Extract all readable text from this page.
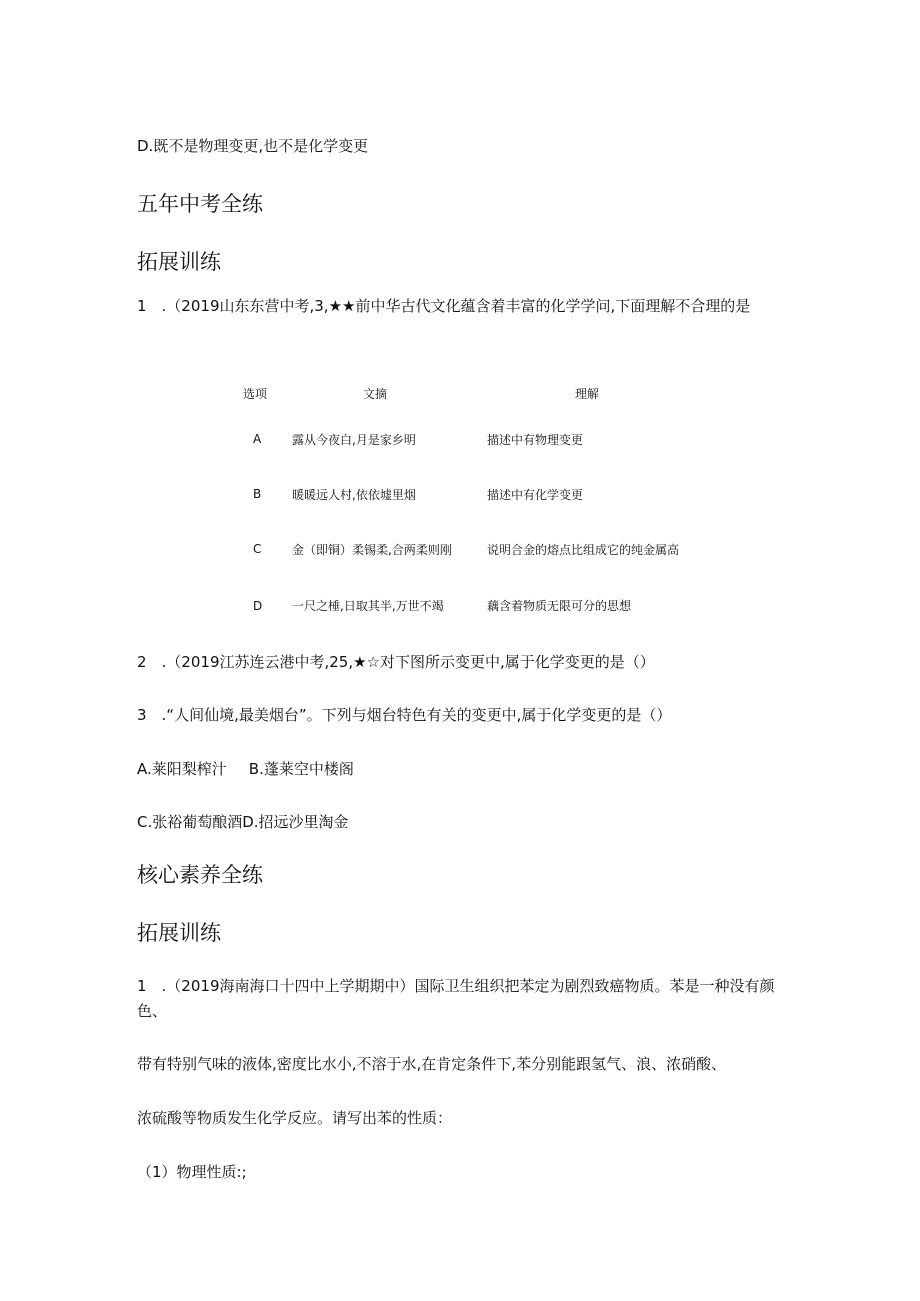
D.既不是物理变更,也不是化学变更
五年中考全练
拓展训练
1　.（2019山东东营中考,3,★★前中华古代文化蕴含着丰富的化学学问,下面理解不合理的是
选项	文摘	理解
A	露从今夜白,月是家乡明	描述中有物理变更
B	暖暖远人村,依依墟里烟	描述中有化学变更
C	金（即铜）柔锡柔,合两柔则刚	说明合金的熔点比组成它的纯金属高
D 一尺之棰,日取其半,万世不竭	藕含着物质无限可分的思想
2　.（2019江苏连云港中考,25,★☆对下图所示变更中,属于化学变更的是（）
3　.“人间仙境,最美烟台”。下列与烟台特色有关的变更中,属于化学变更的是（）
A.莱阳梨榨汁 B.蓬莱空中楼阁
C.张裕葡萄酿酒D.招远沙里淘金
核心素养全练
拓展训练
1　.（2019海南海口十四中上学期期中）国际卫生组织把苯定为剧烈致癌物质。苯是一种没有颜
色、
带有特别气味的液体,密度比水小,不溶于水,在肯定条件下,苯分别能跟氢气、浪、浓硝酸、
浓硫酸等物质发生化学反应。请写出苯的性质：
（1）物理性质:;
